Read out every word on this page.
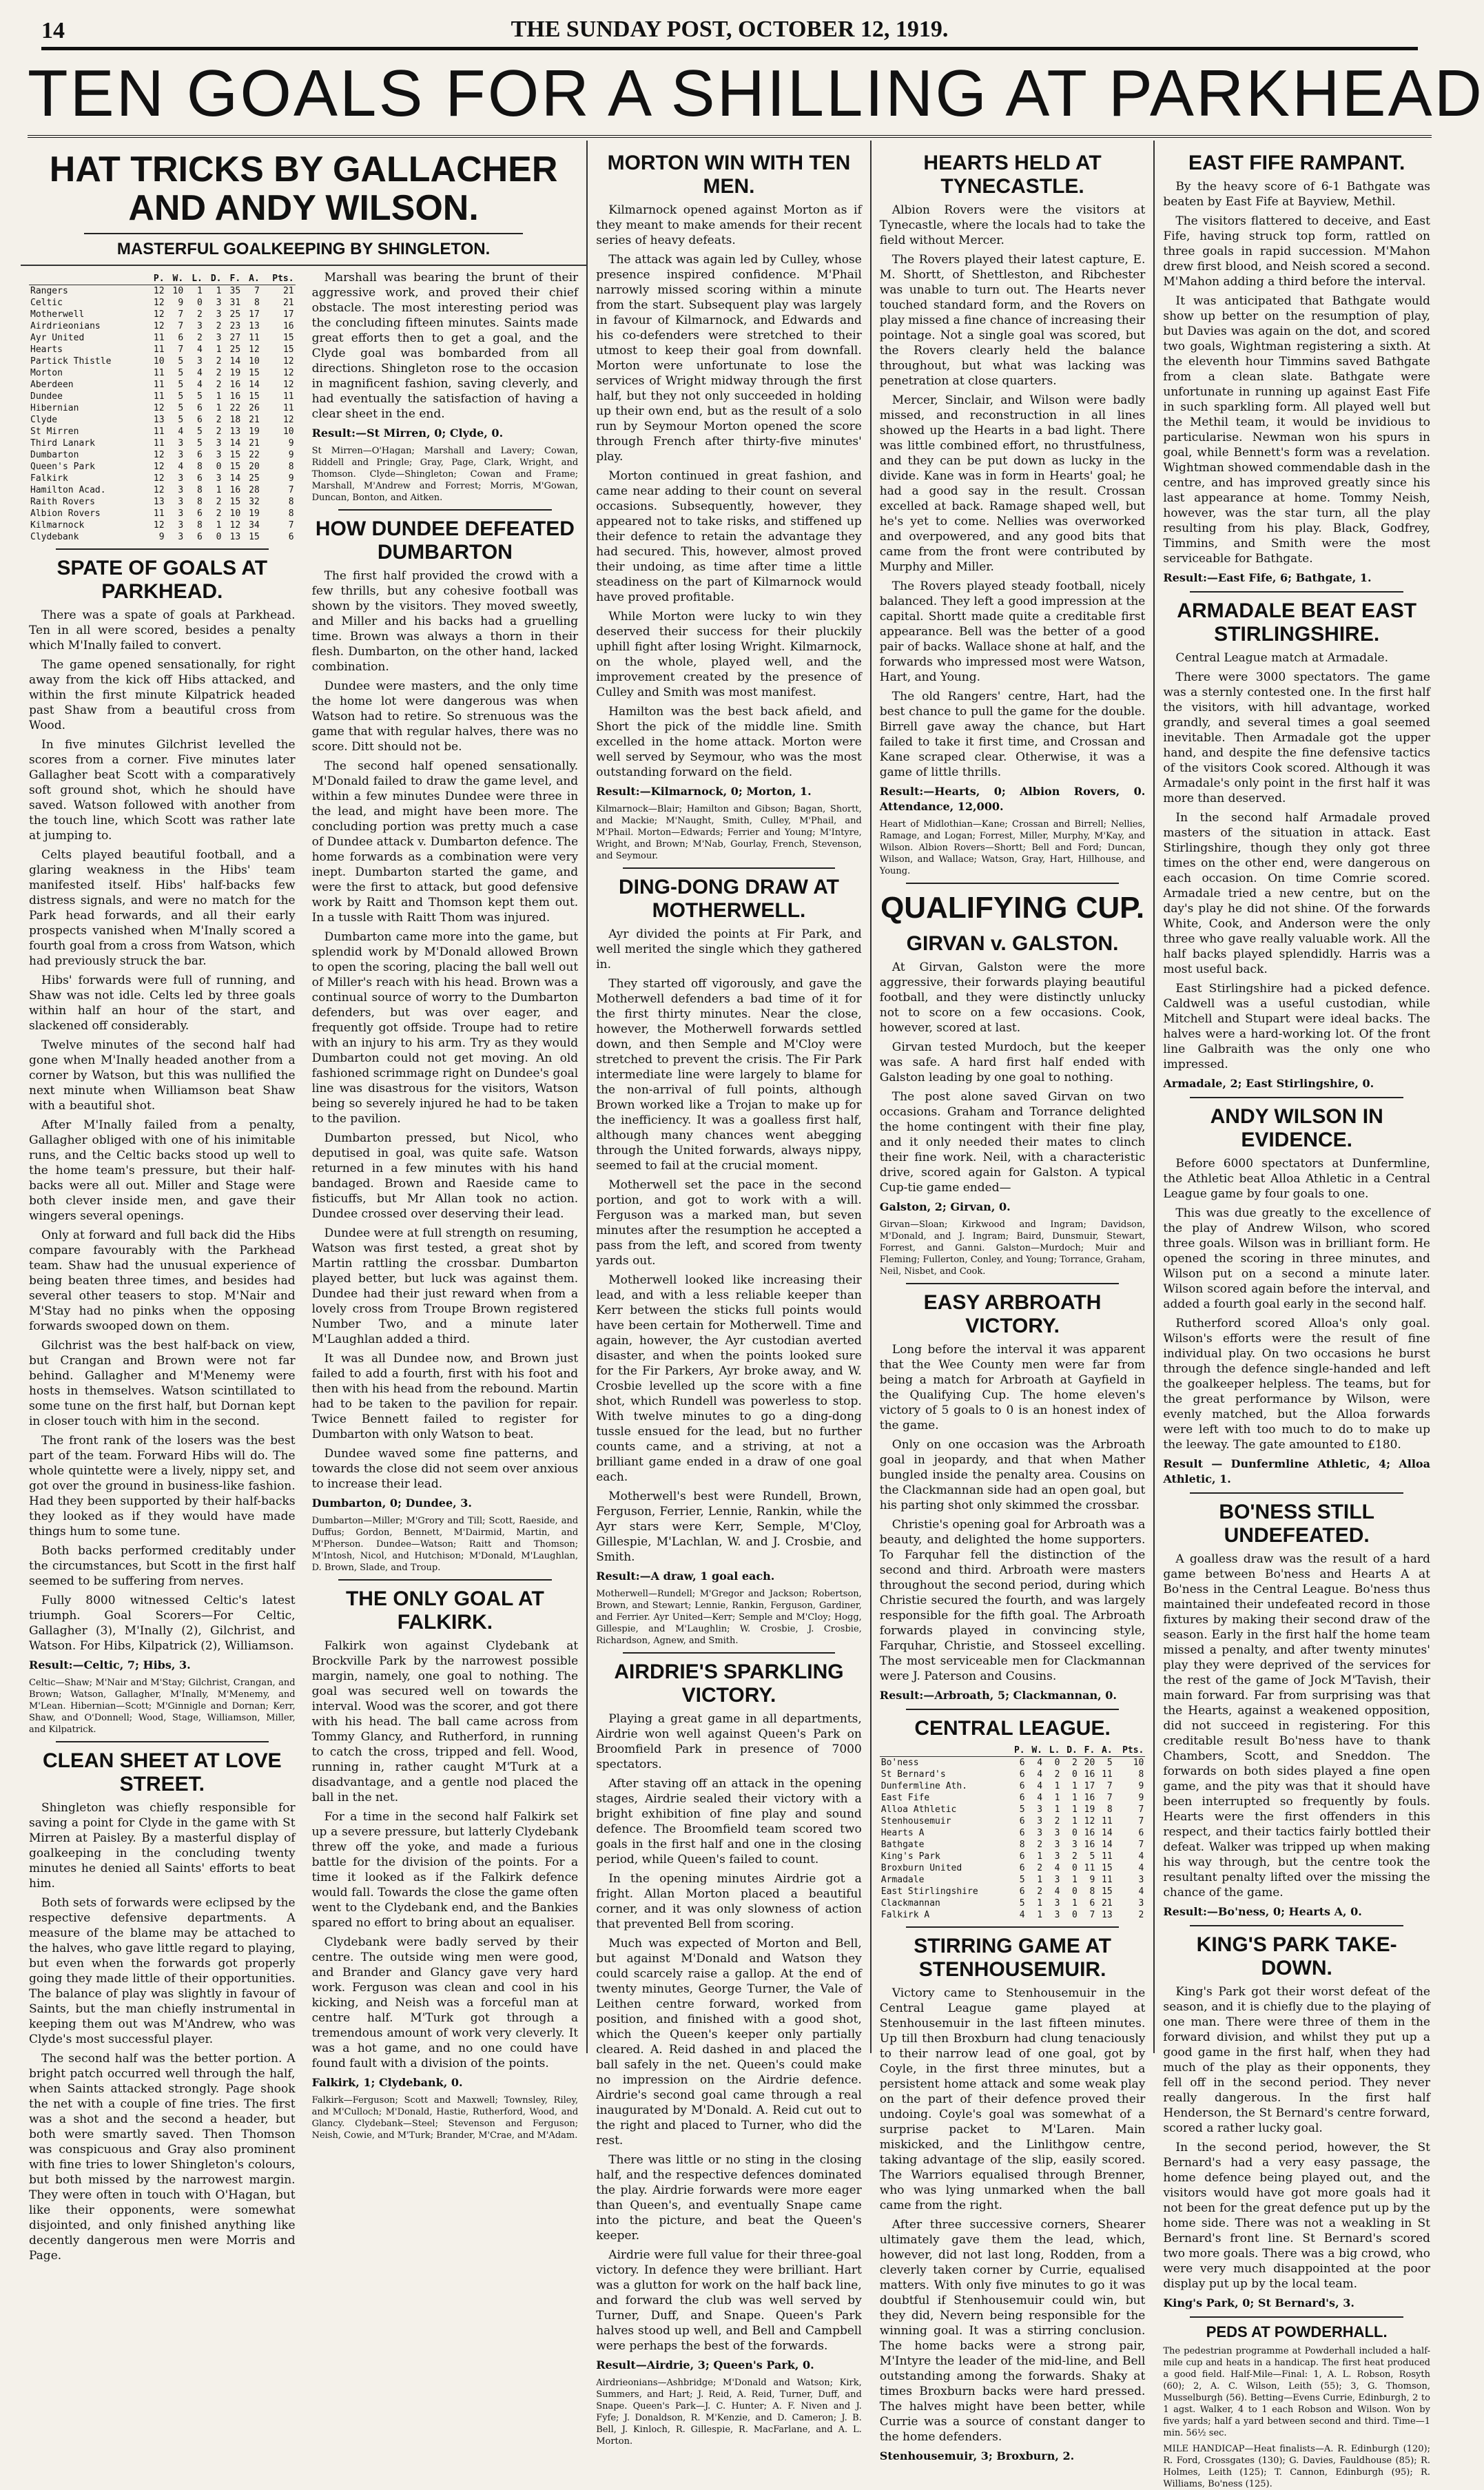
14	THE SUNDAY POST, OCTOBER 12, 1919.
TEN GOALS FOR A SHILLING AT PARKHEAD
HAT TRICKS BY GALLACHER AND ANDY WILSON.
MASTERFUL GOALKEEPING BY SHINGLETON.
	P.	W.	L.	D.	F.	A.	Pts.
Rangers	12	10	1	1	35	7	21
Celtic	12	9	0	3	31	8	21
Motherwell	12	7	2	3	25	17	17
Airdrieonians	12	7	3	2	23	13	16
Ayr United	11	6	2	3	27	11	15
Hearts	11	7	4	1	25	12	15
Partick Thistle	10	5	3	2	14	10	12
Morton	11	5	4	2	19	15	12
Aberdeen	11	5	4	2	16	14	12
Dundee	11	5	5	1	16	15	11
Hibernian	12	5	6	1	22	26	11
Clyde	13	5	6	2	18	21	12
St Mirren	11	4	5	2	13	19	10
Third Lanark	11	3	5	3	14	21	9
Dumbarton	12	3	6	3	15	22	9
Queen's Park	12	4	8	0	15	20	8
Falkirk	12	3	6	3	14	25	9
Hamilton Acad.	12	3	8	1	16	28	7
Raith Rovers	13	3	8	2	15	32	8
Albion Rovers	11	3	6	2	10	19	8
Kilmarnock	12	3	8	1	12	34	7
Clydebank	9	3	6	0	13	15	6
SPATE OF GOALS AT PARKHEAD.

There was a spate of goals at Parkhead. Ten in all were scored, besides a penalty which M'Inally failed to convert.

The game opened sensationally, for right away from the kick off Hibs attacked, and within the first minute Kilpatrick headed past Shaw from a beautiful cross from Wood.

In five minutes Gilchrist levelled the scores from a corner. Five minutes later Gallagher beat Scott with a comparatively soft ground shot, which he should have saved. Watson followed with another from the touch line, which Scott was rather late at jumping to.

Celts played beautiful football, and a glaring weakness in the Hibs' team manifested itself. Hibs' half-backs few distress signals, and were no match for the Park head forwards, and all their early prospects vanished when M'Inally scored a fourth goal from a cross from Watson, which had previously struck the bar.

Hibs' forwards were full of running, and Shaw was not idle. Celts led by three goals within half an hour of the start, and slackened off considerably.

Twelve minutes of the second half had gone when M'Inally headed another from a corner by Watson, but this was nullified the next minute when Williamson beat Shaw with a beautiful shot.

After M'Inally failed from a penalty, Gallagher obliged with one of his inimitable runs, and the Celtic backs stood up well to the home team's pressure, but their half-backs were all out. Miller and Stage were both clever inside men, and gave their wingers several openings.

Only at forward and full back did the Hibs compare favourably with the Parkhead team. Shaw had the unusual experience of being beaten three times, and besides had several other teasers to stop. M'Nair and M'Stay had no pinks when the opposing forwards swooped down on them.

Gilchrist was the best half-back on view, but Crangan and Brown were not far behind. Gallagher and M'Menemy were hosts in themselves. Watson scintillated to some tune on the first half, but Dornan kept in closer touch with him in the second.

The front rank of the losers was the best part of the team. Forward Hibs will do. The whole quintette were a lively, nippy set, and got over the ground in business-like fashion. Had they been supported by their half-backs they looked as if they would have made things hum to some tune.

Both backs performed creditably under the circumstances, but Scott in the first half seemed to be suffering from nerves.

Fully 8000 witnessed Celtic's latest triumph. Goal Scorers—For Celtic, Gallagher (3), M'Inally (2), Gilchrist, and Watson. For Hibs, Kilpatrick (2), Williamson.

Result:—Celtic, 7; Hibs, 3.

Celtic—Shaw; M'Nair and M'Stay; Gilchrist, Crangan, and Brown; Watson, Gallagher, M'Inally, M'Menemy, and M'Lean. Hibernian—Scott; M'Ginnigle and Dornan; Kerr, Shaw, and O'Donnell; Wood, Stage, Williamson, Miller, and Kilpatrick.

CLEAN SHEET AT LOVE STREET.

Shingleton was chiefly responsible for saving a point for Clyde in the game with St Mirren at Paisley. By a masterful display of goalkeeping in the concluding twenty minutes he denied all Saints' efforts to beat him.

Both sets of forwards were eclipsed by the respective defensive departments. A measure of the blame may be attached to the halves, who gave little regard to playing, but even when the forwards got properly going they made little of their opportunities. The balance of play was slightly in favour of Saints, but the man chiefly instrumental in keeping them out was M'Andrew, who was Clyde's most successful player.

The second half was the better portion. A bright patch occurred well through the half, when Saints attacked strongly. Page shook the net with a couple of fine tries. The first was a shot and the second a header, but both were smartly saved. Then Thomson was conspicuous and Gray also prominent with fine tries to lower Shingleton's colours, but both missed by the narrowest margin. They were often in touch with O'Hagan, but like their opponents, were somewhat disjointed, and only finished anything like decently dangerous men were Morris and Page.

Marshall was bearing the brunt of their aggressive work, and proved their chief obstacle. The most interesting period was the concluding fifteen minutes. Saints made great efforts then to get a goal, and the Clyde goal was bombarded from all directions. Shingleton rose to the occasion in magnificent fashion, saving cleverly, and had eventually the satisfaction of having a clear sheet in the end.

Result:—St Mirren, 0; Clyde, 0.

St Mirren—O'Hagan; Marshall and Lavery; Cowan, Riddell and Pringle; Gray, Page, Clark, Wright, and Thomson. Clyde—Shingleton; Cowan and Frame; Marshall, M'Andrew and Forrest; Morris, M'Gowan, Duncan, Bonton, and Aitken.

HOW DUNDEE DEFEATED DUMBARTON

The first half provided the crowd with a few thrills, but any cohesive football was shown by the visitors. They moved sweetly, and Miller and his backs had a gruelling time. Brown was always a thorn in their flesh. Dumbarton, on the other hand, lacked combination.

Dundee were masters, and the only time the home lot were dangerous was when Watson had to retire. So strenuous was the game that with regular halves, there was no score. Ditt should not be.

The second half opened sensationally. M'Donald failed to draw the game level, and within a few minutes Dundee were three in the lead, and might have been more. The concluding portion was pretty much a case of Dundee attack v. Dumbarton defence. The home forwards as a combination were very inept. Dumbarton started the game, and were the first to attack, but good defensive work by Raitt and Thomson kept them out. In a tussle with Raitt Thom was injured.

Dumbarton came more into the game, but splendid work by M'Donald allowed Brown to open the scoring, placing the ball well out of Miller's reach with his head. Brown was a continual source of worry to the Dumbarton defenders, but was over eager, and frequently got offside. Troupe had to retire with an injury to his arm. Try as they would Dumbarton could not get moving. An old fashioned scrimmage right on Dundee's goal line was disastrous for the visitors, Watson being so severely injured he had to be taken to the pavilion.

Dumbarton pressed, but Nicol, who deputised in goal, was quite safe. Watson returned in a few minutes with his hand bandaged. Brown and Raeside came to fisticuffs, but Mr Allan took no action. Dundee crossed over deserving their lead.

Dundee were at full strength on resuming, Watson was first tested, a great shot by Martin rattling the crossbar. Dumbarton played better, but luck was against them. Dundee had their just reward when from a lovely cross from Troupe Brown registered Number Two, and a minute later M'Laughlan added a third.

It was all Dundee now, and Brown just failed to add a fourth, first with his foot and then with his head from the rebound. Martin had to be taken to the pavilion for repair. Twice Bennett failed to register for Dumbarton with only Watson to beat.

Dundee waved some fine patterns, and towards the close did not seem over anxious to increase their lead.

Dumbarton, 0; Dundee, 3.

Dumbarton—Miller; M'Grory and Till; Scott, Raeside, and Duffus; Gordon, Bennett, M'Dairmid, Martin, and M'Pherson. Dundee—Watson; Raitt and Thomson; M'Intosh, Nicol, and Hutchison; M'Donald, M'Laughlan, D. Brown, Slade, and Troup.

THE ONLY GOAL AT FALKIRK.

Falkirk won against Clydebank at Brockville Park by the narrowest possible margin, namely, one goal to nothing. The goal was secured well on towards the interval. Wood was the scorer, and got there with his head. The ball came across from Tommy Glancy, and Rutherford, in running to catch the cross, tripped and fell. Wood, running in, rather caught M'Turk at a disadvantage, and a gentle nod placed the ball in the net.

For a time in the second half Falkirk set up a severe pressure, but latterly Clydebank threw off the yoke, and made a furious battle for the division of the points. For a time it looked as if the Falkirk defence would fall. Towards the close the game often went to the Clydebank end, and the Bankies spared no effort to bring about an equaliser.

Clydebank were badly served by their centre. The outside wing men were good, and Brander and Glancy gave very hard work. Ferguson was clean and cool in his kicking, and Neish was a forceful man at centre half. M'Turk got through a tremendous amount of work very cleverly. It was a hot game, and no one could have found fault with a division of the points.

Falkirk, 1; Clydebank, 0.

Falkirk—Ferguson; Scott and Maxwell; Townsley, Riley, and M'Culloch; M'Donald, Hastie, Rutherford, Wood, and Glancy. Clydebank—Steel; Stevenson and Ferguson; Neish, Cowie, and M'Turk; Brander, M'Crae, and M'Adam.

MORTON WIN WITH TEN MEN.

Kilmarnock opened against Morton as if they meant to make amends for their recent series of heavy defeats.

The attack was again led by Culley, whose presence inspired confidence. M'Phail narrowly missed scoring within a minute from the start. Subsequent play was largely in favour of Kilmarnock, and Edwards and his co-defenders were stretched to their utmost to keep their goal from downfall. Morton were unfortunate to lose the services of Wright midway through the first half, but they not only succeeded in holding up their own end, but as the result of a solo run by Seymour Morton opened the score through French after thirty-five minutes' play.

Morton continued in great fashion, and came near adding to their count on several occasions. Subsequently, however, they appeared not to take risks, and stiffened up their defence to retain the advantage they had secured. This, however, almost proved their undoing, as time after time a little steadiness on the part of Kilmarnock would have proved profitable.

While Morton were lucky to win they deserved their success for their pluckily uphill fight after losing Wright. Kilmarnock, on the whole, played well, and the improvement created by the presence of Culley and Smith was most manifest.

Hamilton was the best back afield, and Short the pick of the middle line. Smith excelled in the home attack. Morton were well served by Seymour, who was the most outstanding forward on the field.

Result:—Kilmarnock, 0; Morton, 1.

Kilmarnock—Blair; Hamilton and Gibson; Bagan, Shortt, and Mackie; M'Naught, Smith, Culley, M'Phail, and M'Phail. Morton—Edwards; Ferrier and Young; M'Intyre, Wright, and Brown; M'Nab, Gourlay, French, Stevenson, and Seymour.

DING-DONG DRAW AT MOTHERWELL.

Ayr divided the points at Fir Park, and well merited the single which they gathered in.

They started off vigorously, and gave the Motherwell defenders a bad time of it for the first thirty minutes. Near the close, however, the Motherwell forwards settled down, and then Semple and M'Cloy were stretched to prevent the crisis. The Fir Park intermediate line were largely to blame for the non-arrival of full points, although Brown worked like a Trojan to make up for the inefficiency. It was a goalless first half, although many chances went abegging through the United forwards, always nippy, seemed to fail at the crucial moment.

Motherwell set the pace in the second portion, and got to work with a will. Ferguson was a marked man, but seven minutes after the resumption he accepted a pass from the left, and scored from twenty yards out.

Motherwell looked like increasing their lead, and with a less reliable keeper than Kerr between the sticks full points would have been certain for Motherwell. Time and again, however, the Ayr custodian averted disaster, and when the points looked sure for the Fir Parkers, Ayr broke away, and W. Crosbie levelled up the score with a fine shot, which Rundell was powerless to stop. With twelve minutes to go a ding-dong tussle ensued for the lead, but no further counts came, and a striving, at not a brilliant game ended in a draw of one goal each.

Motherwell's best were Rundell, Brown, Ferguson, Ferrier, Lennie, Rankin, while the Ayr stars were Kerr, Semple, M'Cloy, Gillespie, M'Lachlan, W. and J. Crosbie, and Smith.

Result:—A draw, 1 goal each.

Motherwell—Rundell; M'Gregor and Jackson; Robertson, Brown, and Stewart; Lennie, Rankin, Ferguson, Gardiner, and Ferrier. Ayr United—Kerr; Semple and M'Cloy; Hogg, Gillespie, and M'Laughlin; W. Crosbie, J. Crosbie, Richardson, Agnew, and Smith.

AIRDRIE'S SPARKLING VICTORY.

Playing a great game in all departments, Airdrie won well against Queen's Park on Broomfield Park in presence of 7000 spectators.

After staving off an attack in the opening stages, Airdrie sealed their victory with a bright exhibition of fine play and sound defence. The Broomfield team scored two goals in the first half and one in the closing period, while Queen's failed to count.

In the opening minutes Airdrie got a fright. Allan Morton placed a beautiful corner, and it was only slowness of action that prevented Bell from scoring.

Much was expected of Morton and Bell, but against M'Donald and Watson they could scarcely raise a gallop. At the end of twenty minutes, George Turner, the Vale of Leithen centre forward, worked from position, and finished with a good shot, which the Queen's keeper only partially cleared. A. Reid dashed in and placed the ball safely in the net. Queen's could make no impression on the Airdrie defence. Airdrie's second goal came through a real inaugurated by M'Donald. A. Reid cut out to the right and placed to Turner, who did the rest.

There was little or no sting in the closing half, and the respective defences dominated the play. Airdrie forwards were more eager than Queen's, and eventually Snape came into the picture, and beat the Queen's keeper.

Airdrie were full value for their three-goal victory. In defence they were brilliant. Hart was a glutton for work on the half back line, and forward the club was well served by Turner, Duff, and Snape. Queen's Park halves stood up well, and Bell and Campbell were perhaps the best of the forwards.

Result—Airdrie, 3; Queen's Park, 0.

Airdrieonians—Ashbridge; M'Donald and Watson; Kirk, Summers, and Hart; J. Reid, A. Reid, Turner, Duff, and Snape. Queen's Park—J. C. Hunter; A. F. Niven and J. Fyfe; J. Donaldson, R. M'Kenzie, and D. Cameron; J. B. Bell, J. Kinloch, R. Gillespie, R. MacFarlane, and A. L. Morton.

HEARTS HELD AT TYNECASTLE.

Albion Rovers were the visitors at Tynecastle, where the locals had to take the field without Mercer.

The Rovers played their latest capture, E. M. Shortt, of Shettleston, and Ribchester was unable to turn out. The Hearts never touched standard form, and the Rovers on play missed a fine chance of increasing their pointage. Not a single goal was scored, but the Rovers clearly held the balance throughout, but what was lacking was penetration at close quarters.

Mercer, Sinclair, and Wilson were badly missed, and reconstruction in all lines showed up the Hearts in a bad light. There was little combined effort, no thrustfulness, and they can be put down as lucky in the divide. Kane was in form in Hearts' goal; he had a good say in the result. Crossan excelled at back. Ramage shaped well, but he's yet to come. Nellies was overworked and overpowered, and any good bits that came from the front were contributed by Murphy and Miller.

The Rovers played steady football, nicely balanced. They left a good impression at the capital. Shortt made quite a creditable first appearance. Bell was the better of a good pair of backs. Wallace shone at half, and the forwards who impressed most were Watson, Hart, and Young.

The old Rangers' centre, Hart, had the best chance to pull the game for the double. Birrell gave away the chance, but Hart failed to take it first time, and Crossan and Kane scraped clear. Otherwise, it was a game of little thrills.

Result:—Hearts, 0; Albion Rovers, 0. Attendance, 12,000.

Heart of Midlothian—Kane; Crossan and Birrell; Nellies, Ramage, and Logan; Forrest, Miller, Murphy, M'Kay, and Wilson. Albion Rovers—Shortt; Bell and Ford; Duncan, Wilson, and Wallace; Watson, Gray, Hart, Hillhouse, and Young.

QUALIFYING CUP.
GIRVAN v. GALSTON.

At Girvan, Galston were the more aggressive, their forwards playing beautiful football, and they were distinctly unlucky not to score on a few occasions. Cook, however, scored at last.

Girvan tested Murdoch, but the keeper was safe. A hard first half ended with Galston leading by one goal to nothing.

The post alone saved Girvan on two occasions. Graham and Torrance delighted the home contingent with their fine play, and it only needed their mates to clinch their fine work. Neil, with a characteristic drive, scored again for Galston. A typical Cup-tie game ended—

Galston, 2; Girvan, 0.

Girvan—Sloan; Kirkwood and Ingram; Davidson, M'Donald, and J. Ingram; Baird, Dunsmuir, Stewart, Forrest, and Ganni. Galston—Murdoch; Muir and Fleming; Fullerton, Conley, and Young; Torrance, Graham, Neil, Nisbet, and Cook.

EASY ARBROATH VICTORY.

Long before the interval it was apparent that the Wee County men were far from being a match for Arbroath at Gayfield in the Qualifying Cup. The home eleven's victory of 5 goals to 0 is an honest index of the game.

Only on one occasion was the Arbroath goal in jeopardy, and that when Mather bungled inside the penalty area. Cousins on the Clackmannan side had an open goal, but his parting shot only skimmed the crossbar.

Christie's opening goal for Arbroath was a beauty, and delighted the home supporters. To Farquhar fell the distinction of the second and third. Arbroath were masters throughout the second period, during which Christie secured the fourth, and was largely responsible for the fifth goal. The Arbroath forwards played in convincing style, Farquhar, Christie, and Stosseel excelling. The most serviceable men for Clackmannan were J. Paterson and Cousins.

Result:—Arbroath, 5; Clackmannan, 0.

CENTRAL LEAGUE.
	P.	W.	L.	D.	F.	A.	Pts.
Bo'ness	6	4	0	2	20	5	10
St Bernard's	6	4	2	0	16	11	8
Dunfermline Ath.	6	4	1	1	17	7	9
East Fife	6	4	1	1	16	7	9
Alloa Athletic	5	3	1	1	19	8	7
Stenhousemuir	6	3	2	1	12	11	7
Hearts A	6	3	3	0	16	14	6
Bathgate	8	2	3	3	16	14	7
King's Park	6	1	3	2	5	11	4
Broxburn United	6	2	4	0	11	15	4
Armadale	5	1	3	1	9	11	3
East Stirlingshire	6	2	4	0	8	15	4
Clackmannan	5	1	3	1	6	21	3
Falkirk A	4	1	3	0	7	13	2
STIRRING GAME AT STENHOUSEMUIR.

Victory came to Stenhousemuir in the Central League game played at Stenhousemuir in the last fifteen minutes. Up till then Broxburn had clung tenaciously to their narrow lead of one goal, got by Coyle, in the first three minutes, but a persistent home attack and some weak play on the part of their defence proved their undoing. Coyle's goal was somewhat of a surprise packet to M'Laren. Main miskicked, and the Linlithgow centre, taking advantage of the slip, easily scored. The Warriors equalised through Brenner, who was lying unmarked when the ball came from the right.

After three successive corners, Shearer ultimately gave them the lead, which, however, did not last long, Rodden, from a cleverly taken corner by Currie, equalised matters. With only five minutes to go it was doubtful if Stenhousemuir could win, but they did, Nevern being responsible for the winning goal. It was a stirring conclusion. The home backs were a strong pair, M'Intyre the leader of the mid-line, and Bell outstanding among the forwards. Shaky at times Broxburn backs were hard pressed. The halves might have been better, while Currie was a source of constant danger to the home defenders.

Stenhousemuir, 3; Broxburn, 2.

EAST FIFE RAMPANT.

By the heavy score of 6-1 Bathgate was beaten by East Fife at Bayview, Methil.

The visitors flattered to deceive, and East Fife, having struck top form, rattled on three goals in rapid succession. M'Mahon drew first blood, and Neish scored a second. M'Mahon adding a third before the interval.

It was anticipated that Bathgate would show up better on the resumption of play, but Davies was again on the dot, and scored two goals, Wightman registering a sixth. At the eleventh hour Timmins saved Bathgate from a clean slate. Bathgate were unfortunate in running up against East Fife in such sparkling form. All played well but the Methil team, it would be invidious to particularise. Newman won his spurs in goal, while Bennett's form was a revelation. Wightman showed commendable dash in the centre, and has improved greatly since his last appearance at home. Tommy Neish, however, was the star turn, all the play resulting from his play. Black, Godfrey, Timmins, and Smith were the most serviceable for Bathgate.

Result:—East Fife, 6; Bathgate, 1.

ARMADALE BEAT EAST STIRLINGSHIRE.

Central League match at Armadale.

There were 3000 spectators. The game was a sternly contested one. In the first half the visitors, with hill advantage, worked grandly, and several times a goal seemed inevitable. Then Armadale got the upper hand, and despite the fine defensive tactics of the visitors Cook scored. Although it was Armadale's only point in the first half it was more than deserved.

In the second half Armadale proved masters of the situation in attack. East Stirlingshire, though they only got three times on the other end, were dangerous on each occasion. On time Comrie scored. Armadale tried a new centre, but on the day's play he did not shine. Of the forwards White, Cook, and Anderson were the only three who gave really valuable work. All the half backs played splendidly. Harris was a most useful back.

East Stirlingshire had a picked defence. Caldwell was a useful custodian, while Mitchell and Stupart were ideal backs. The halves were a hard-working lot. Of the front line Galbraith was the only one who impressed.

Armadale, 2; East Stirlingshire, 0.

ANDY WILSON IN EVIDENCE.

Before 6000 spectators at Dunfermline, the Athletic beat Alloa Athletic in a Central League game by four goals to one.

This was due greatly to the excellence of the play of Andrew Wilson, who scored three goals. Wilson was in brilliant form. He opened the scoring in three minutes, and Wilson put on a second a minute later. Wilson scored again before the interval, and added a fourth goal early in the second half.

Rutherford scored Alloa's only goal. Wilson's efforts were the result of fine individual play. On two occasions he burst through the defence single-handed and left the goalkeeper helpless. The teams, but for the great performance by Wilson, were evenly matched, but the Alloa forwards were left with too much to do to make up the leeway. The gate amounted to £180.

Result — Dunfermline Athletic, 4; Alloa Athletic, 1.

BO'NESS STILL UNDEFEATED.

A goalless draw was the result of a hard game between Bo'ness and Hearts A at Bo'ness in the Central League. Bo'ness thus maintained their undefeated record in those fixtures by making their second draw of the season. Early in the first half the home team missed a penalty, and after twenty minutes' play they were deprived of the services for the rest of the game of Jock M'Tavish, their main forward. Far from surprising was that the Hearts, against a weakened opposition, did not succeed in registering. For this creditable result Bo'ness have to thank Chambers, Scott, and Sneddon. The forwards on both sides played a fine open game, and the pity was that it should have been interrupted so frequently by fouls. Hearts were the first offenders in this respect, and their tactics fairly bottled their defeat. Walker was tripped up when making his way through, but the centre took the resultant penalty lifted over the missing the chance of the game.

Result:—Bo'ness, 0; Hearts A, 0.

KING'S PARK TAKE-DOWN.

King's Park got their worst defeat of the season, and it is chiefly due to the playing of one man. There were three of them in the forward division, and whilst they put up a good game in the first half, when they had much of the play as their opponents, they fell off in the second period. They never really dangerous. In the first half Henderson, the St Bernard's centre forward, scored a rather lucky goal.

In the second period, however, the St Bernard's had a very easy passage, the home defence being played out, and the visitors would have got more goals had it not been for the great defence put up by the home side. There was not a weakling in St Bernard's front line. St Bernard's scored two more goals. There was a big crowd, who were very much disappointed at the poor display put up by the local team.

King's Park, 0; St Bernard's, 3.

PEDS AT POWDERHALL.

The pedestrian programme at Powderhall included a half-mile cup and heats in a handicap. The first heat produced a good field. Half-Mile—Final: 1, A. L. Robson, Rosyth (60); 2, A. C. Wilson, Leith (55); 3, G. Thomson, Musselburgh (56). Betting—Evens Currie, Edinburgh, 2 to 1 agst. Walker, 4 to 1 each Robson and Wilson. Won by five yards; half a yard between second and third. Time—1 min. 56½ sec.

MILE HANDICAP—Heat finalists—A. R. Edinburgh (120); R. Ford, Crossgates (130); G. Davies, Fauldhouse (85); R. Holmes, Leith (125); T. Cannon, Edinburgh (95); R. Williams, Bo'ness (125).
